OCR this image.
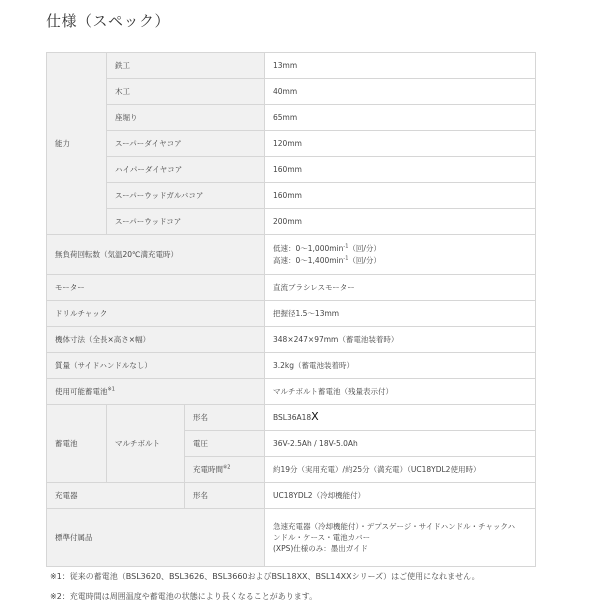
仕様（スペック）
能力	鉄工		13mm
	木工		40mm
	座堀り		65mm
	スーパーダイヤコア		120mm
	ハイパーダイヤコア		160mm
	スーパーウッドガルバコア		160mm
	スーパーウッドコア		200mm
無負荷回転数（気温20℃満充電時）			低速：$0\sim 1,000\min^{-1}$（回/分）
高速：$0\sim 1,400\min^{-1}$（回/分）

モーター			直流ブラシレスモーター
ドリルチャック			把握径1.5～13mm
機体寸法（全長×高さ×幅）			348×247×97mm（蓄電池装着時）
質量（サイドハンドルなし）			3.2kg（蓄電池装着時）
使用可能蓄電池$^{※1}$			マルチボルト蓄電池（残量表示付）
蓄電池	マルチボルト	形名	BSL36A18X
		電圧	36V-2.5Ah / 18V-5.0Ah
		充電時間$^{※2}$	約19分（実用充電）/約25分（満充電）（UC18YDL2使用時）
充電器		形名	UC18YDL2（冷却機能付）
標準付属品			急速充電器（冷却機能付）・デプスゲージ・サイドハンドル・チャックハ
ンドル・ケース・電池カバー
(XPS)仕様のみ：墨出ガイド
※1：従来の蓄電池（BSL3620、BSL3626、BSL3660およびBSL18XX、BSL14XXシリーズ）はご使用になれません。
※2：充電時間は周囲温度や蓄電池の状態により長くなることがあります。
